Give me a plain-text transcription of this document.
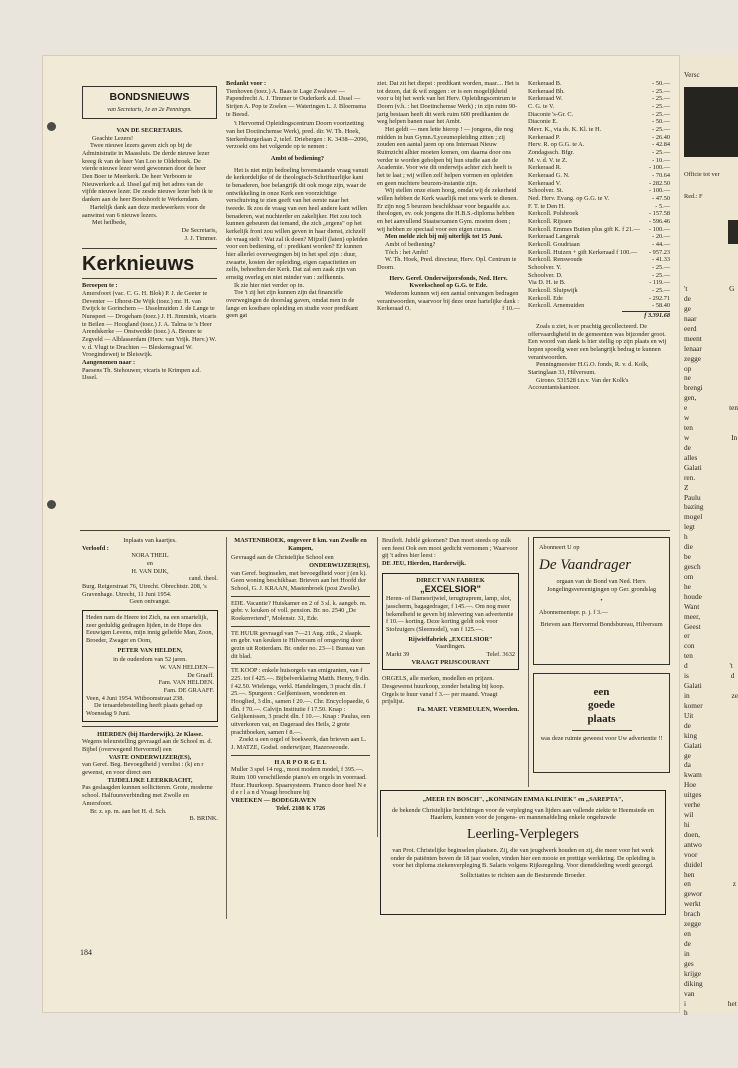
BONDSNIEUWS

van Secretaris, 1e en 2e Penningm.

VAN DE SECRETARIS.

Geachte Lezers!

Twee nieuwe lezers gaven zich op bij de Administratie in Maassluis. De derde nieuwe lezer kreeg ik van de heer Van Loo te Oldebroek. De vierde nieuwe lezer werd gewonnen door de heer Den Boer te Meerkerk. De heer Verboom te Nieuwerkerk a.d. IJssel gaf mij het adres van de vijfde nieuwe lezer. De zesde nieuwe lezer heb ik te danken aan de heer Bootshooft te Werkendam.

Hartelijk dank aan deze medewerkers voor de aanwinst van 6 nieuwe lezers.

Met heilbede,

De Secretaris,

J. J. Timmer.

Kerknieuws

Beroepen te :

Amersfoort (vac. C. G. H. Blok) P. J. de Geeter te Deventer — IJhorst-De Wijk (toez.) mr. H. van Ewijck te Gorinchem — IJsselmuiden J. de Lange te Nunspeet — Drogeham (toez.) J. H. Jimmink, vicaris te Beilen — Hoogland (toez.) J. A. Talma te 's Heer Arendskerke — Onstwedde (toez.) A. Breure te Zegveld — Alblasserdam (Herv. van Vrijk. Herv.) W. v. d. Vlugt te Drachten — Bleskensgraaf W. Vroegindeweij te Bleiswijk.

Aangenomen naar :

Paesens Th. Stehouwer, vicaris te Krimpen a.d. IJssel.

Bedankt voor :

Tienhoven (toez.) A. Baas te Lage Zwaluwe — Papendrecht A. J. Timmer te Ouderkerk a.d. IJssel — Strijen A. Pop te Zoelen — Wateringen L. J. Bloemsma te Beesd.

't Hervormd Opleidingscentrum Doorn voortzetting van het Doctinchemse Werk), pred. dir. W. Th. Hoek, Sterkenburgerlaan 2, telef. Driebergen : K. 3438—2096, verzoekt ons het volgende op te nemen :

Ambt of bediening?

Het is niet mijn bedoeling bovenstaande vraag vanuit de kerkordelijke of de theologisch-Schriftuurlijke kant te benaderen, hoe belangrijk dit ook moge zijn, waar de ontwikkeling in onze Kerk een voorzichtige verschuiving te zien geeft van het eerste naar het tweede. Ik zou de vraag van een heel andere kant willen benaderen, wat nuchterder en zakelijker. Het zou toch kunnen gebeuren dat iemand, die zich „ergens" op het kerkelijk front zou willen geven in haar dienst, zichzelf de vraag stelt : Wat zal ik doen? Mijzelf (laten) opleiden voor een bediening, of : predikant worden? Er kunnen hier allerlei overwegingen bij in het spel zijn : duur, zwaarte, kosten der opleiding, eigen capaciteiten en zelfs, behoeften der Kerk. Dat zal een zaak zijn van ernstig overleg en niet minder van : zelfkennis.

Ik zie hier niet verder op in.

Toe 't zij het zijn kunnen zijn dat financiële overwegingen de doorslag gaven, omdat men in de lange en kostbare opleiding en studie voor predikant geen gat

ziet. Dat zit het diepst : predikant worden, maar.... Het is tot dezen, dat ik wil zeggen : er is een mogelijkheid voor u bij het werk van het Herv. Opleidingscentrum te Doorn (v.h. : het Doetinchemse Werk) ; in zijn ruim 90-jarig bestaan heeft dit werk ruim 600 predikanten de weg helpen banen naar het Ambt.

Het geldt — men lette hierop ! — jongens, die nog midden in hun Gymn./Lyceumopleiding zitten ; zij zouden een aantal jaren op ons Internaat Nieuw Ruimzicht alhier moeten komen, om daarna door ons verder te worden geholpen bij hun studie aan de Academie. Voor wie dit onderwijs achter zich heeft is het te laat ; wij willen zelf helpen vormen en opleiden en geen nuchtere beurzen-instantie zijn.

Wij stellen onze eisen hoog, omdat wij de zekerheid willen hebben de Kerk waarlijk met ons werk te dienen. Er zijn nog 5 beurzen beschikbaar voor begaafde a.s. theologen, ev. ook jongens die H.B.S.-diploma hebben en het aanvullend Staatsexamen Gym. moeten doen ; wij hebben ze speciaal voor een eigen cursus.

Men melde zich bij mij uiterlijk tot 15 Juni.

Ambt of bediening?

Tòch : het Ambt!

W. Th. Hoek, Pred. directeur, Herv. Opl. Centrum te Doorn.

Herv. Geref. Onderwijzersfonds, Ned. Herv. Kweekschool op G.G. te Ede.

Wederom kunnen wij een aantal ontvangen bedragen verantwoorden, waarvoor bij deze onze hartelijke dank :

Kerkeraad O.	f 10.—
Kerkeraad B.	- 50.—
Kerkeraad Bh.	- 25.—
Kerkeraad W.	- 25.—
C. G. te V.	- 25.—
Diaconie 's-Gr. C.	- 25.—
Diaconie E.	- 50.—
Mevr. K., via ds. K. Kl. te H.	- 25.—
Kerkeraad P.	- 26.40
Herv. R. op G.G. te A.	- 42.84
Zondagssch. Bfgr.	- 25.—
M. v. d. V. te Z.	- 10.—
Kerkeraad R.	- 100.—
Kerkeraad G. N.	- 70.64
Kerkeraad V.	- 282.50
Schoolver. St.	- 100.—
Ned. Herv. Evang. op G.G. te V.	- 47.50
F. T. te Den H.	- 5.—
Kerkcoll. Polsbroek	- 157.58
Kerkcoll. Rijssen	- 596.46
Kerkcoll. Emmes Buiten plus gift K. f 21.— - 100.—
Kerkeraad Langerak	- 20.—
Kerkcoll. Goudriaan	- 44.—
Kerkcoll. Huizen + gift Kerkeraad f 100.— - 957.23
Kerkcoll. Renswoude	- 41.33
Schoolver. Y.	- 25.—
Schoolver. D.	- 25.—
Via D. H. te B.	- 119.—
Kerkcoll. Sluipwijk	- 25.—
Kerkcoll. Ede	- 292.71
Kerkcoll. Arnemuiden	- 58.40

f 3.391.68

Zoals u ziet, is er prachtig gecollecteerd. De offervaardigheid in de gemeenten was bijzonder groot. Een woord van dank is hier stellig op zijn plaats en wij hopen spoedig weer een belangrijk bedrag te kunnen verantwoorden.

Penningmeester H.G.O. fonds, R. v. d. Kolk, Staringlaan 33, Hilversum.

Girono. 531528 t.n.v. Van der Kolk's Accountantskantoor.

Inplaats van kaartjes.

Verloofd :

NORA THEIL

en

H. VAN DIJK,

cand. theol.

Burg. Reigerstraat 76, Utrecht. Obrechtstr. 208, 's Gravenhage. Utrecht, 11 Juni 1954.

Geen ontvangst.

Heden nam de Heere tot Zich, na een smartelijk, zeer geduldig gedragen lijden, in de Hope des Eeuwigen Levens, mijn innig geliefde Man, Zoon, Broeder, Zwager en Oom,

PETER VAN HELDEN,

in de ouderdom van 52 jaren.

W. VAN HELDEN—

De Graaff.

Fam. VAN HELDEN.

Fam. DE GRAAFF.

Veen, 4 Juni 1954. Witboomstraat 238.

De teraardebestelling heeft plaats gehad op Woensdag 9 Juni.

HIERDEN (bij Harderwijk). 2e Klasse.

Wegens teleurstelling gevraagd aan de School m. d. Bijbel (overwegend Hervormd) een

VASTE ONDERWIJZER(ES),

van Geref. Beg. Bevoegdheid j verelist : (k) en r gewenst, en voor direct een

TIJDELIJKE LEERKRACHT,

Pas geslaagden kunnen solliciteren. Grote, moderne school. Halfuursverbinding met Zwolle en Amersfoort.

Br. z. sp. m. aan het H. d. Sch.

B. BRINK.

MASTENBROEK, ongeveer 8 km. van Zwolle en Kampen,

Gevraagd aan de Christelijke School een

ONDERWIJZER(ES),

van Geref. beginselen, met bevoegdheid voor j (en k). Geen woning beschikbaar. Brieven aan het Hoofd der School, G. J. KRAAN, Mastenbroek (post Zwolle).

EDE. Vacantie? Huiskamer en 2 of 3 sl. k. aangeb. m. gebr. v. keuken of voll. pension. Br. no. 2540 „De Roekenvriend", Molenstr. 31, Ede.

TE HUUR gevraagd van 7—21 Aug. zitk., 2 slaapk. en gebr. van keuken te Hilversum of omgeving door gezin uit Rotterdam. Br. onder no. 23—1 Bureau van dit blad.

TE KOOP : enkele huisorgels van emigranten, van f 225. tot f 425.—. Bijbelverklaring Matth. Henry, 9 dln. f 42.50. Wielenga, verkl. Handelingen, 3 pracht dln. f 25.—. Spurgeon : Geljkenissen, wonderen en Hooglied, 3 dln., samen f 20.—. Chr. Encyclopaedie, 6 dln. f 70.—. Calvijn Institutie f 17.50. Knap : Gelijkenissen, 3 pracht dln. f 10.—. Knap : Paulus, een uitverkoren vat, en Dageraad des Heils, 2 grote prachtboeken, samen f 8.—.

Zoekt u een orgel of boekwerk, dan brieven aan L. J. MATZE, Godsd. onderwijzer, Hazerswoude.

H A R P O R G E L

Muller 3 spel 14 reg., mooi modern model, f 395.—. Ruim 100 verschillende piano's en orgels in voorraad.

Huur. Huurkoop. Spaarsysteem. Franco door heel N e d e r l a n d Vraagt brochure bij

VREEKEN — BODEGRAVEN

Telef. 2188 K 1726

Bruiloft. Jubilé gekomen? Dan moet steeds op zulk een feest Ook een mooi gedicht vernomen ; Waarvoor gij 't adres hier leest :

DE JEU, Hierden, Harderwijk.

DIRECT VAN FABRIEK

„EXCELSIOR"

Heren- of Damesrijwiel, terugtraprem, lamp, slot, jasscherm, bagagedrager, f 145.—. Om nog meer bekendheid te geven bij inlevering van advertentie f 10.— korting. Deze korting geldt ook voor Stofzuigers (Sleemodel), van f 125.—.

Rijwielfabriek „EXCELSIOR"

Vaardingen.

Markt 39	Telef. 3632

VRAAGT PRIJSCOURANT

ORGELS, alle merken, modellen en prijzen. Desgewenst huurkoop, zonder betaling bij koop. Orgels te huur vanaf f 3.— per maand. Vraagt prijslijst.

Fa. MART. VERMEULEN, Woerden.

Abonneert U op

De Vaandrager

orgaan van de Bond van Ned. Herv. Jongelingsvereenigingen op Ger. grondslag

•

Abonnementspr. p. j. f 3.—

Brieven aan Hervormd Bondsbureau, Hilversum

een

goede

plaats

was deze ruimte geweest voor Uw advertentie !!

„MEER EN BOSCH", „KONINGIN EMMA KLINIEK" en „SAREPTA",

de bekende Christelijke Inrichtingen voor de verpleging van lijders aan vallende ziekte te Heemstede en Haarlem, kunnen voor de jongens- en mannenafdeling enkele ongehuwde

Leerling-Verplegers

van Prot. Christelijke beginselen plaatsen. Zij, die van jeugdwerk houden en zij, die meer voor het werk onder de patiënten boven de 18 jaar voelen, vinden hier een mooie en prettige werkkring. De opleiding is voor het diploma ziekenverpleging B. Salaris volgens Rijksregeling. Voor dienstkleding wordt gezorgd.

Sollicitaties te richten aan de Besturende Broeder.

184

Versc

Officie tot ver

Red.: F

't G de ge naar eerd meent lenaar zegge op ne brengi gen, e ten w ten w In de alles Galati ren. Z Paulu bazing mogel legt h die be gesch om he houde Want meer, Geest er con ten d 't is d Galati in ze komer Uit de king Galati ge da kwam Hoe uitges verhe wil hi doen, antwo voor duidel hen en z gewor werkt brach zegge en de in ges krijge diking van i het h
